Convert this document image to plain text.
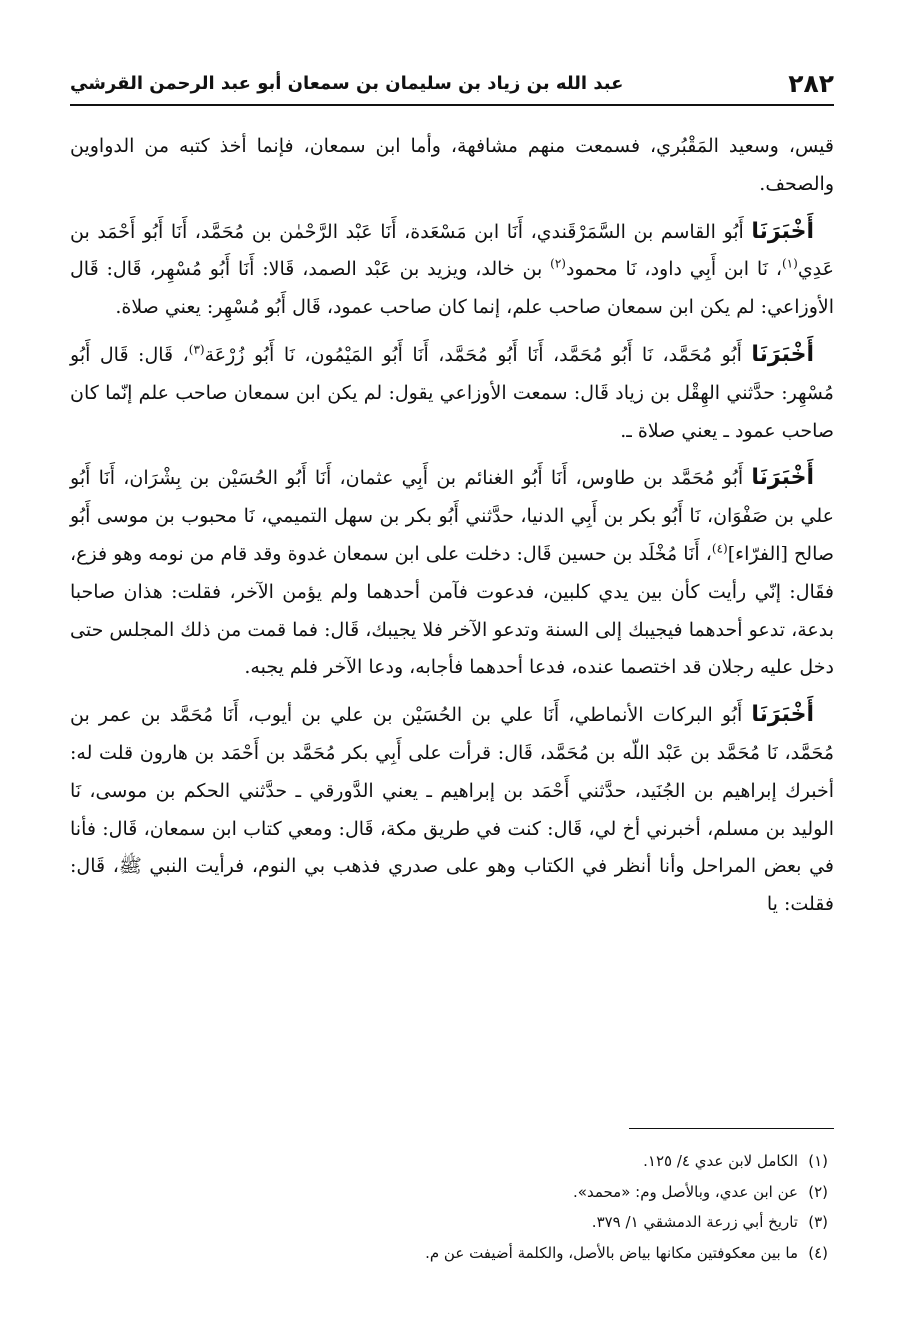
٢٨٢
عبد الله بن زياد بن سليمان بن سمعان أبو عبد الرحمن القرشي

قيس، وسعيد المَقْبُري، فسمعت منهم مشافهة، وأما ابن سمعان، فإنما أخذ كتبه من الدواوين والصحف.

أَخْبَرَنَا أَبُو القاسم بن السَّمَرْقَندي، أَنَا ابن مَسْعَدة، أَنَا عَبْد الرَّحْمٰن بن مُحَمَّد، أَنَا أَبُو أَحْمَد بن عَدِي$^{(١)}$، نَا ابن أَبِي داود، نَا محمود$^{(٢)}$ بن خالد، ويزيد بن عَبْد الصمد، قَالا: أَنَا أَبُو مُسْهِر، قَال: قَال الأوزاعي: لم يكن ابن سمعان صاحب علم، إنما كان صاحب عمود، قَال أَبُو مُسْهِر: يعني صلاة.

أَخْبَرَنَا أَبُو مُحَمَّد، نَا أَبُو مُحَمَّد، أَنَا أَبُو مُحَمَّد، أَنَا أَبُو المَيْمُون، نَا أَبُو زُرْعَة$^{(٣)}$، قَال: قَال أَبُو مُسْهِر: حدَّثني الهِقْل بن زياد قَال: سمعت الأوزاعي يقول: لم يكن ابن سمعان صاحب علم إنّما كان صاحب عمود ـ يعني صلاة ـ.

أَخْبَرَنَا أَبُو مُحَمَّد بن طاوس، أَنَا أَبُو الغنائم بن أَبِي عثمان، أَنَا أَبُو الحُسَيْن بن بِشْرَان، أَنَا أَبُو علي بن صَفْوَان، نَا أَبُو بكر بن أَبِي الدنيا، حدَّثني أَبُو بكر بن سهل التميمي، نَا محبوب بن موسى أَبُو صالح [الفرّاء]$^{(٤)}$، أَنَا مُخْلَد بن حسين قَال: دخلت على ابن سمعان غدوة وقد قام من نومه وهو فزع، فقَال: إنّي رأيت كأن بين يدي كلبين، فدعوت فآمن أحدهما ولم يؤمن الآخر، فقلت: هذان صاحبا بدعة، تدعو أحدهما فيجيبك إلى السنة وتدعو الآخر فلا يجيبك، قَال: فما قمت من ذلك المجلس حتى دخل عليه رجلان قد اختصما عنده، فدعا أحدهما فأجابه، ودعا الآخر فلم يجبه.

أَخْبَرَنَا أَبُو البركات الأنماطي، أَنَا علي بن الحُسَيْن بن علي بن أيوب، أَنَا مُحَمَّد بن عمر بن مُحَمَّد، نَا مُحَمَّد بن عَبْد اللّه بن مُحَمَّد، قَال: قرأت على أَبِي بكر مُحَمَّد بن أَحْمَد بن هارون قلت له: أخبرك إبراهيم بن الجُنَيد، حدَّثني أَحْمَد بن إبراهيم ـ يعني الدَّورقي ـ حدَّثني الحكم بن موسى، نَا الوليد بن مسلم، أخبرني أخ لي، قَال: كنت في طريق مكة، قَال: ومعي كتاب ابن سمعان، قَال: فأنا في بعض المراحل وأنا أنظر في الكتاب وهو على صدري فذهب بي النوم، فرأيت النبي ﷺ، قَال: فقلت: يا

(١)الكامل لابن عدي ٤/ ١٢٥.

(٢)عن ابن عدي، وبالأصل وم: «محمد».

(٣)تاريخ أبي زرعة الدمشقي ١/ ٣٧٩.

(٤)ما بين معكوفتين مكانها بياض بالأصل، والكلمة أضيفت عن م.
